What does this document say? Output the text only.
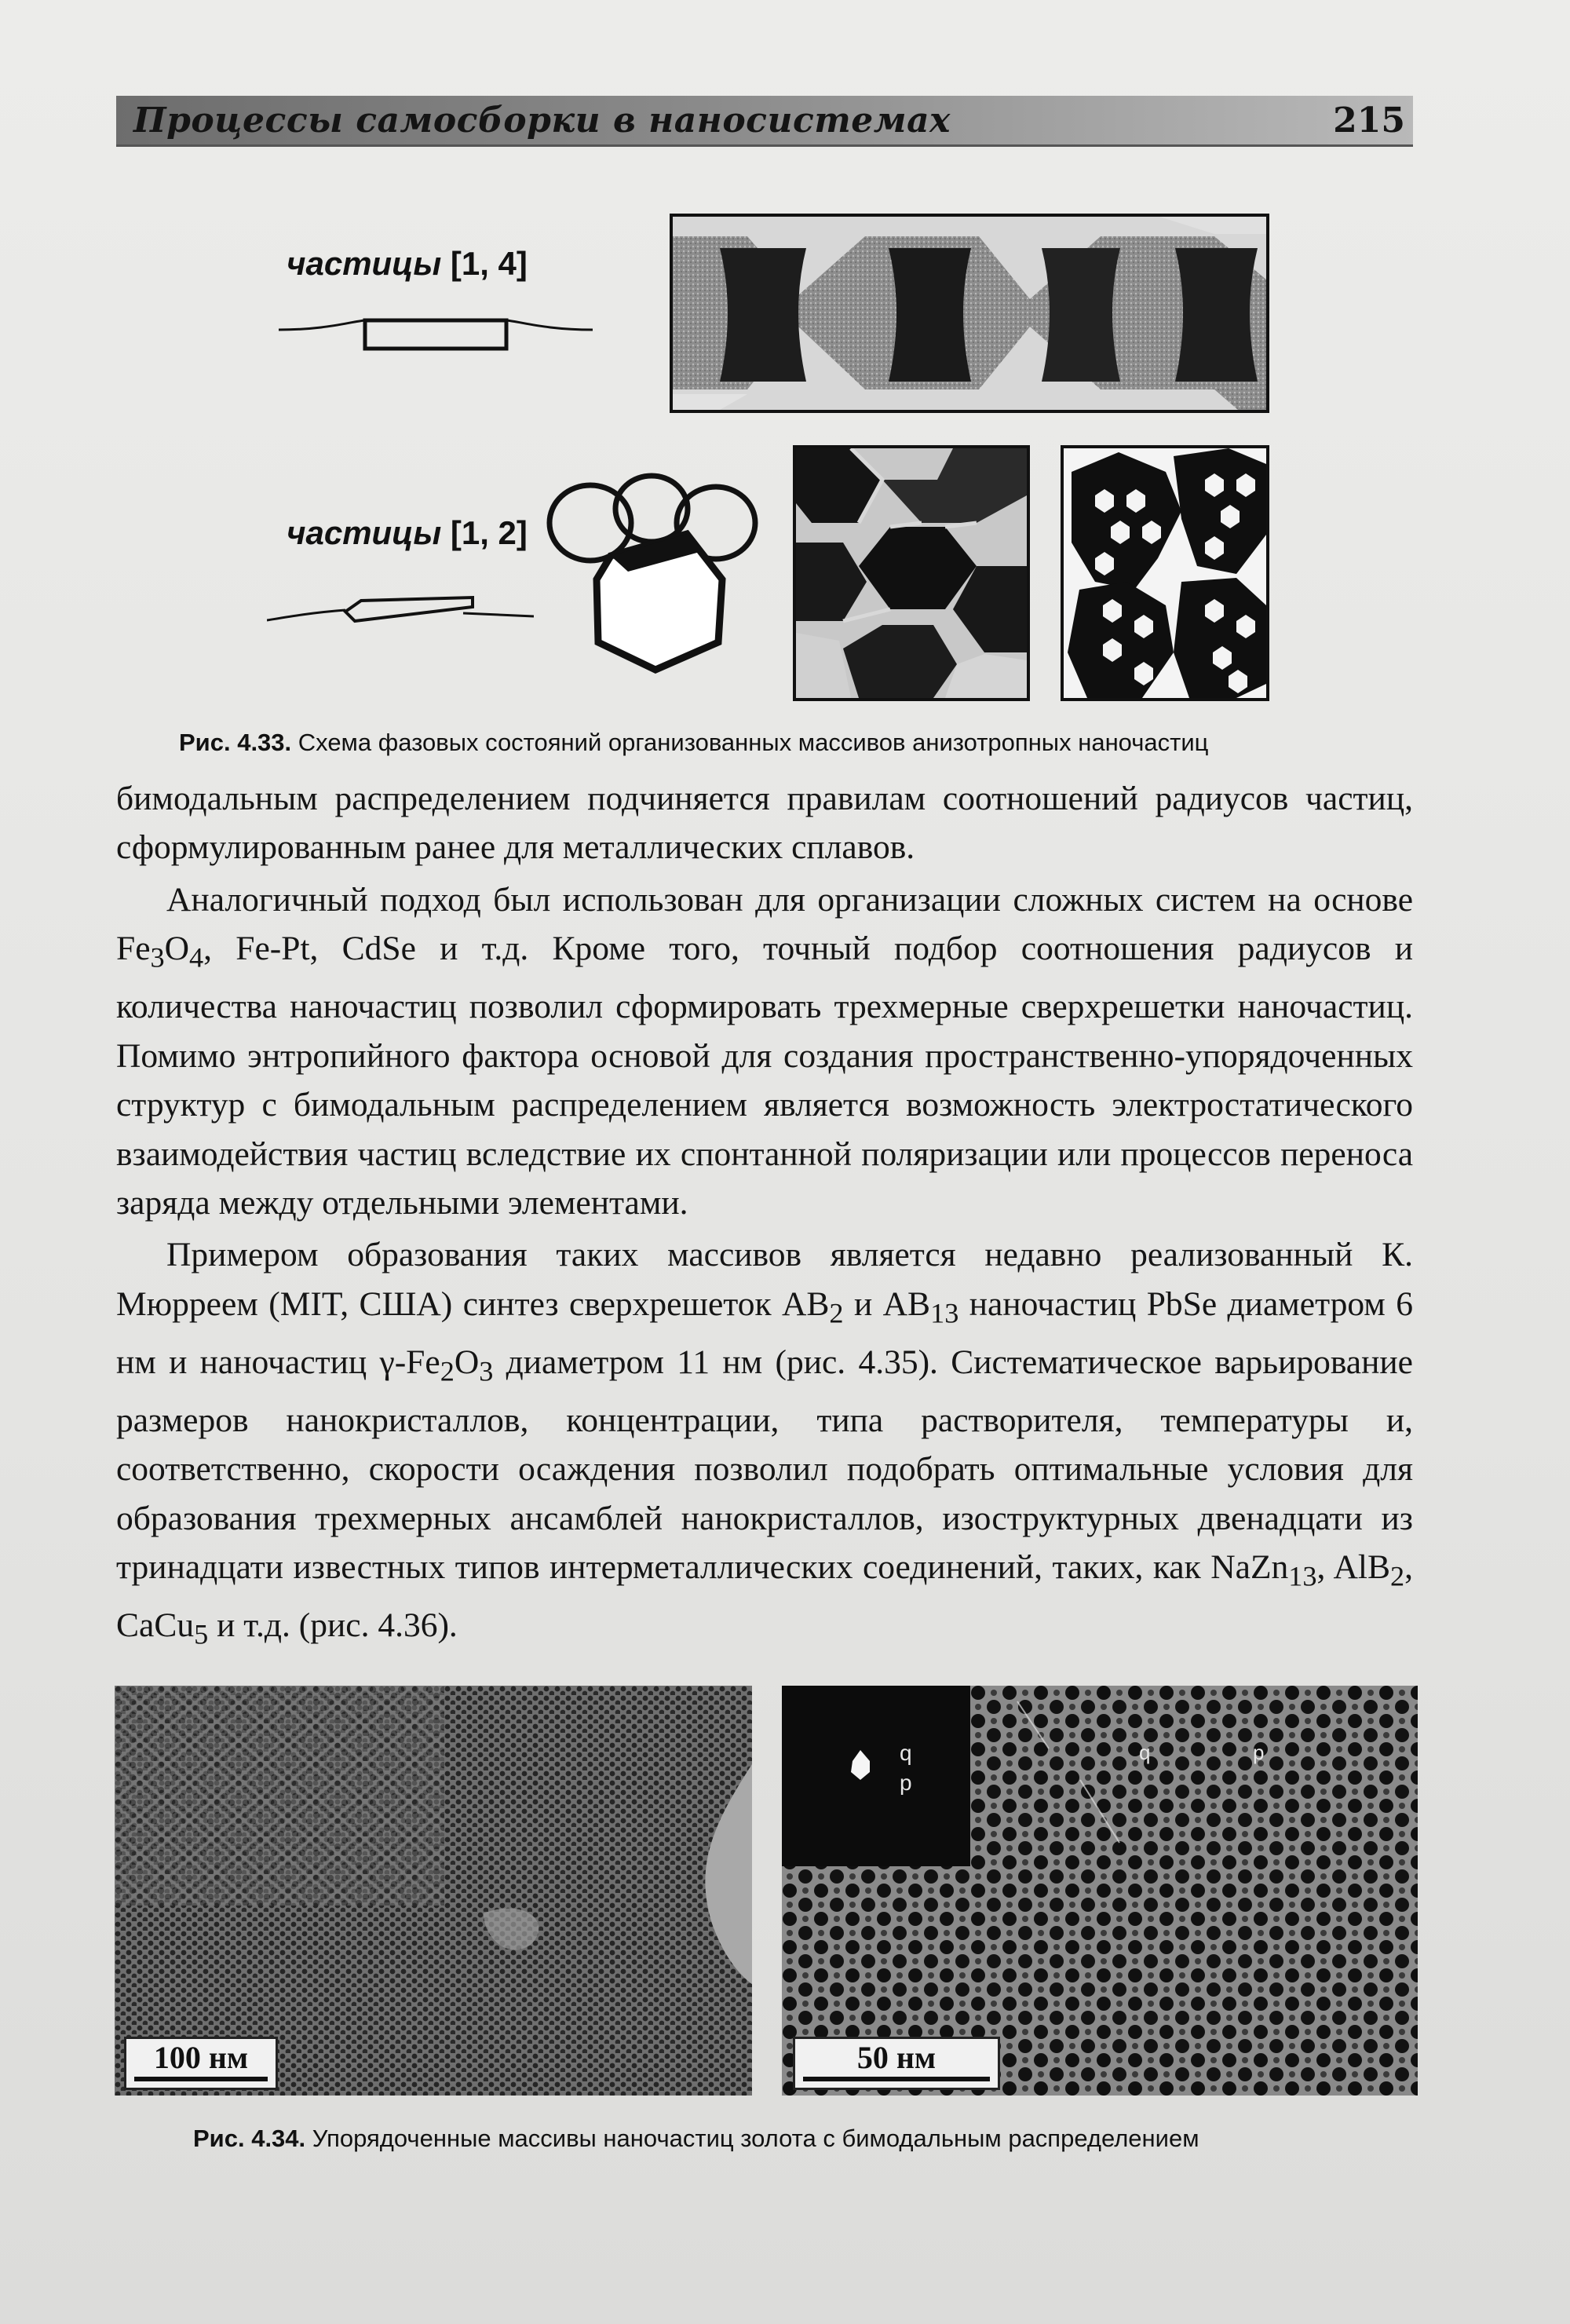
Процессы самосборки в наносистемах	215
частицы [1, 4]
частицы [1, 2]
Рис. 4.33. Схема фазовых состояний организованных массивов анизотропных наночастиц

бимодальным распределением подчиняется правилам соотношений радиусов частиц, сформулированным ранее для металлических сплавов.

Аналогичный подход был использован для организации сложных систем на основе $Fe_3O_4$, Fe-Pt, CdSe и т.д. Кроме того, точный подбор соотношения радиусов и количества наночастиц позволил сформировать трехмерные сверхрешетки наночастиц. Помимо энтропийного фактора основой для создания пространственно-упорядоченных структур с бимодальным распределением является возможность электростатического взаимодействия частиц вследствие их спонтанной поляризации или процессов переноса заряда между отдельными элементами.

Примером образования таких массивов является недавно реализованный К. Мюрреем (MIT, США) синтез сверхрешеток $AB_2$ и $AB_{13}$ наночастиц PbSe диаметром 6 нм и наночастиц $\gamma-Fe_2O_3$ диаметром 11 нм (рис. 4.35). Систематическое варьирование размеров нанокристаллов, концентрации, типа растворителя, температуры и, соответственно, скорости осаждения позволил подобрать оптимальные условия для образования трехмерных ансамблей нанокристаллов, изоструктурных двенадцати из тринадцати известных типов интерметаллических соединений, таких, как NaZn$_{13}$, AlB$_2$, CaCu$_5$ и т.д. (рис. 4.36).

100 нм
q
p
q	p
50 нм
Рис. 4.34. Упорядоченные массивы наночастиц золота с бимодальным распределением
